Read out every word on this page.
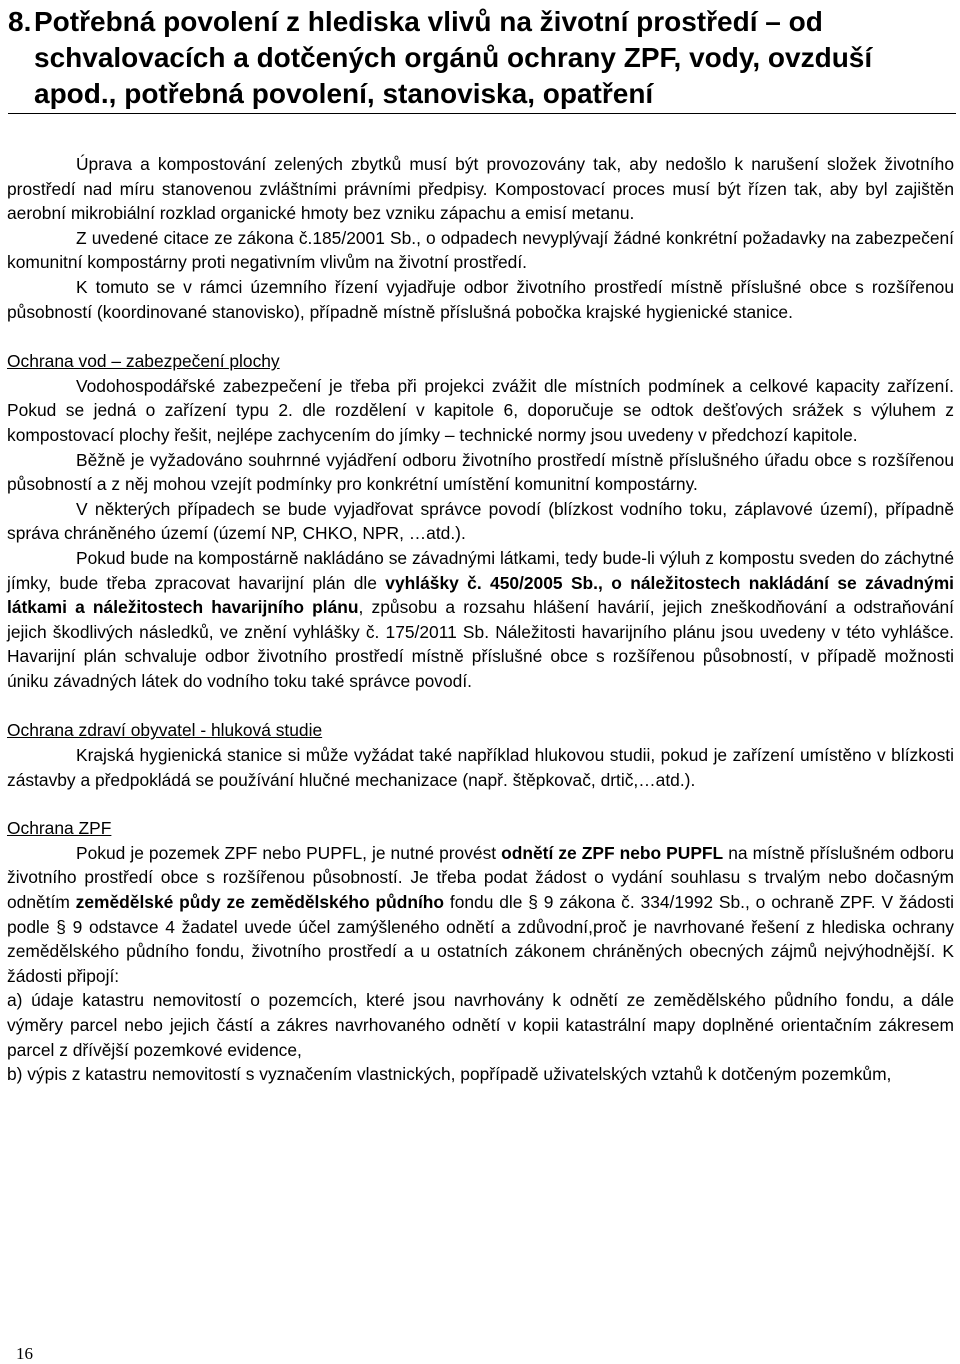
8. Potřebná povolení z hlediska vlivů na životní prostředí – od schvalovacích a dotčených orgánů ochrany ZPF, vody, ovzduší apod., potřebná povolení, stanoviska, opatření

Úprava a kompostování zelených zbytků musí být provozovány tak, aby nedošlo k narušení složek životního prostředí nad míru stanovenou zvláštními právními předpisy. Kompostovací proces musí být řízen tak, aby byl zajištěn aerobní mikrobiální rozklad organické hmoty bez vzniku zápachu a emisí metanu.

Z uvedené citace ze zákona č.185/2001 Sb., o odpadech nevyplývají žádné konkrétní požadavky na zabezpečení komunitní kompostárny proti negativním vlivům na životní prostředí.

K tomuto se v rámci územního řízení vyjadřuje odbor životního prostředí místně příslušné obce s rozšířenou působností (koordinované stanovisko), případně místně příslušná pobočka krajské hygienické stanice.

Ochrana vod – zabezpečení plochy

Vodohospodářské zabezpečení je třeba při projekci zvážit dle místních podmínek a celkové kapacity zařízení. Pokud se jedná o zařízení typu 2. dle rozdělení v kapitole 6, doporučuje se odtok dešťových srážek s výluhem z kompostovací plochy řešit, nejlépe zachycením do jímky – technické normy jsou uvedeny v předchozí kapitole.

Běžně je vyžadováno souhrnné vyjádření odboru životního prostředí místně příslušného úřadu obce s rozšířenou působností a z něj mohou vzejít podmínky pro konkrétní umístění komunitní kompostárny.

V některých případech se bude vyjadřovat správce povodí (blízkost vodního toku, záplavové území), případně správa chráněného území (území NP, CHKO, NPR, …atd.).

Pokud bude na kompostárně nakládáno se závadnými látkami, tedy bude-li výluh z kompostu sveden do záchytné jímky, bude třeba zpracovat havarijní plán dle vyhlášky č. 450/2005 Sb., o náležitostech nakládání se závadnými látkami a náležitostech havarijního plánu, způsobu a rozsahu hlášení havárií, jejich zneškodňování a odstraňování jejich škodlivých následků, ve znění vyhlášky č. 175/2011 Sb. Náležitosti havarijního plánu jsou uvedeny v této vyhlášce. Havarijní plán schvaluje odbor životního prostředí místně příslušné obce s rozšířenou působností, v případě možnosti úniku závadných látek do vodního toku také správce povodí.

Ochrana zdraví obyvatel - hluková studie

Krajská hygienická stanice si může vyžádat také například hlukovou studii, pokud je zařízení umístěno v blízkosti zástavby a předpokládá se používání hlučné mechanizace (např. štěpkovač, drtič,…atd.).

Ochrana ZPF

Pokud je pozemek ZPF nebo PUPFL, je nutné provést odnětí ze ZPF nebo PUPFL na místně příslušném odboru životního prostředí obce s rozšířenou působností. Je třeba podat žádost o vydání souhlasu s trvalým nebo dočasným odnětím zemědělské půdy ze zemědělského půdního fondu dle § 9 zákona č. 334/1992 Sb., o ochraně ZPF. V žádosti podle § 9 odstavce 4 žadatel uvede účel zamýšleného odnětí a zdůvodní,proč je navrhované řešení z hlediska ochrany zemědělského půdního fondu, životního prostředí a u ostatních zákonem chráněných obecných zájmů nejvýhodnější. K žádosti připojí:

a) údaje katastru nemovitostí o pozemcích, které jsou navrhovány k odnětí ze zemědělského půdního fondu, a dále výměry parcel nebo jejich částí a zákres navrhovaného odnětí v kopii katastrální mapy doplněné orientačním zákresem parcel z dřívější pozemkové evidence,

b) výpis z katastru nemovitostí s vyznačením vlastnických, popřípadě uživatelských vztahů k dotčeným pozemkům,

16
